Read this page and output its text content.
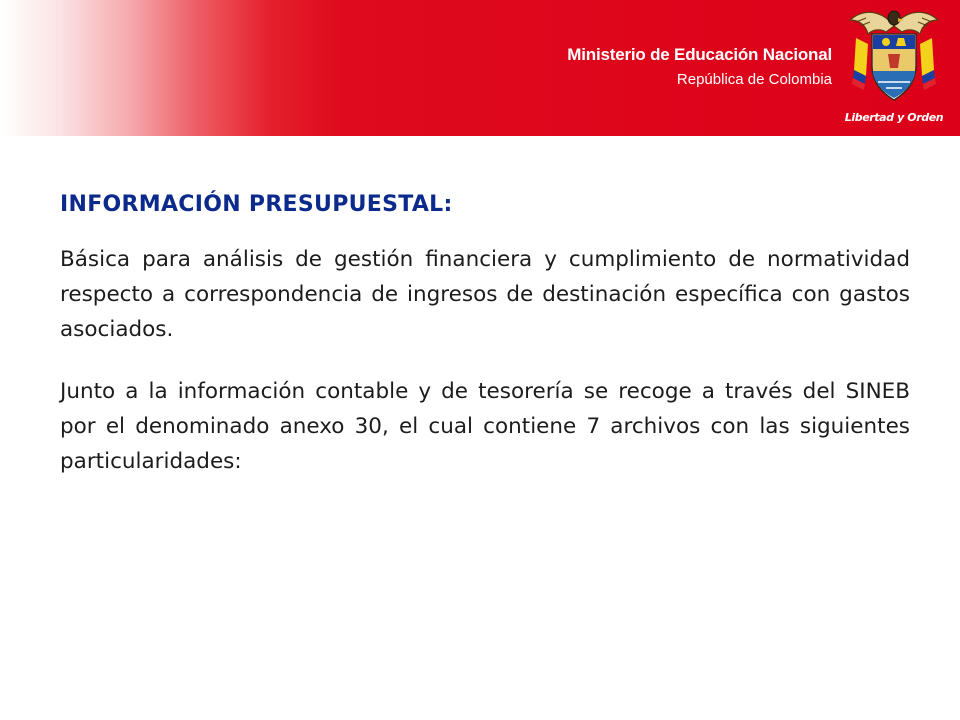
Ministerio de Educación Nacional
República de Colombia
Libertad y Orden
INFORMACIÓN PRESUPUESTAL:

Básica para análisis de gestión financiera y cumplimiento de normatividad respecto a correspondencia de ingresos de destinación específica con gastos asociados.

Junto a la información contable y de tesorería se recoge a través del SINEB por el denominado anexo 30, el cual contiene 7 archivos con las siguientes particularidades:
